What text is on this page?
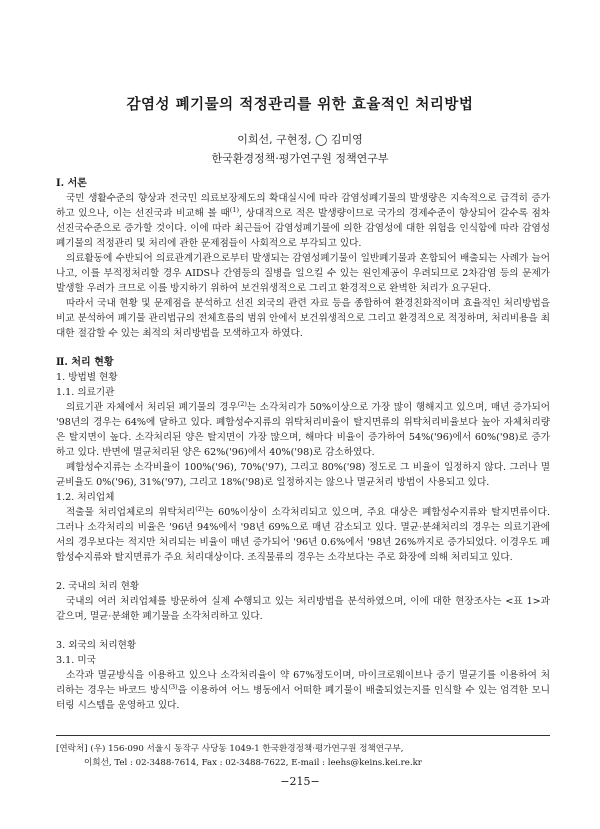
감염성 폐기물의 적정관리를 위한 효율적인 처리방법
이희선, 구현정, ◯ 김미영
한국환경정책·평가연구원 정책연구부

Ⅰ. 서론

국민 생활수준의 향상과 전국민 의료보장제도의 확대실시에 따라 감염성폐기물의 발생량은 지속적으로 급격히 증가하고 있으나, 이는 선진국과 비교해 볼 때$^{(1)}$, 상대적으로 적은 발생량이므로 국가의 경제수준이 향상되어 갈수록 점차 선진국수준으로 증가할 것이다. 이에 따라 최근들어 감염성폐기물에 의한 감염성에 대한 위험을 인식함에 따라 감염성폐기물의 적정관리 및 처리에 관한 문제점들이 사회적으로 부각되고 있다.

의료활동에 수반되어 의료관계기관으로부터 발생되는 감염성폐기물이 일반폐기물과 혼합되어 배출되는 사례가 늘어나고, 이를 부적정처리할 경우 AIDS나 간염등의 질병을 일으킬 수 있는 원인제공이 우려되므로 2차감염 등의 문제가 발생할 우려가 크므로 이를 방지하기 위하여 보건위생적으로 그리고 환경적으로 완벽한 처리가 요구된다.

따라서 국내 현황 및 문제점을 분석하고 선진 외국의 관련 자료 등을 종합하여 환경친화적이며 효율적인 처리방법을 비교 분석하여 폐기물 관리법규의 전체흐름의 범위 안에서 보건위생적으로 그리고 환경적으로 적정하며, 처리비용을 최대한 절감할 수 있는 최적의 처리방법을 모색하고자 하였다.

Ⅱ. 처리 현황

1. 방법별 현황

1.1. 의료기관

의료기관 자체에서 처리된 폐기물의 경우$^{(2)}$는 소각처리가 50%이상으로 가장 많이 행해지고 있으며, 매년 증가되어 '98년의 경우는 64%에 달하고 있다. 폐합성수지류의 위탁처리비율이 탈지면류의 위탁처리비율보다 높아 자체처리량은 탈지면이 높다. 소각처리된 양은 탈지면이 가장 많으며, 해마다 비율이 증가하여 54%('96)에서 60%('98)로 증가하고 있다. 반면에 멸균처리된 양은 62%('96)에서 40%('98)로 감소하였다.

폐합성수지류는 소각비율이 100%('96), 70%('97), 그리고 80%('98) 정도로 그 비율이 일정하지 않다. 그러나 멸균비율도 0%('96), 31%('97), 그리고 18%('98)로 일정하지는 않으나 멸균처리 방법이 사용되고 있다.

1.2. 처리업체

적출물 처리업체로의 위탁처리$^{(2)}$는 60%이상이 소각처리되고 있으며, 주요 대상은 폐합성수지류와 탈지면류이다. 그러나 소각처리의 비율은 '96년 94%에서 '98년 69%으로 매년 감소되고 있다. 멸균·분쇄처리의 경우는 의료기관에서의 경우보다는 적지만 처리되는 비율이 매년 증가되어 '96년 0.6%에서 '98년 26%까지로 증가되었다. 이경우도 폐합성수지류와 탈지면류가 주요 처리대상이다. 조직물류의 경우는 소각보다는 주로 화장에 의해 처리되고 있다.

2. 국내의 처리 현황

국내의 여러 처리업체를 방문하여 실제 수행되고 있는 처리방법을 분석하였으며, 이에 대한 현장조사는 <표 1>과 같으며, 멸균·분쇄한 폐기물을 소각처리하고 있다.

3. 외국의 처리현황

3.1. 미국

소각과 멸균방식을 이용하고 있으나 소각처리율이 약 67%정도이며, 마이크로웨이브나 증기 멸균기를 이용하여 처리하는 경우는 바코드 방식$^{(3)}$을 이용하여 어느 병동에서 어떠한 폐기물이 배출되었는지를 인식할 수 있는 엄격한 모니터링 시스템을 운영하고 있다.

[연락처] (우) 156-090 서울시 동작구 사당동 1049-1 한국환경정책·평가연구원 정책연구부,
이희선, Tel : 02-3488-7614, Fax : 02-3488-7622, E-mail : leehs@keins.kei.re.kr
−215−
